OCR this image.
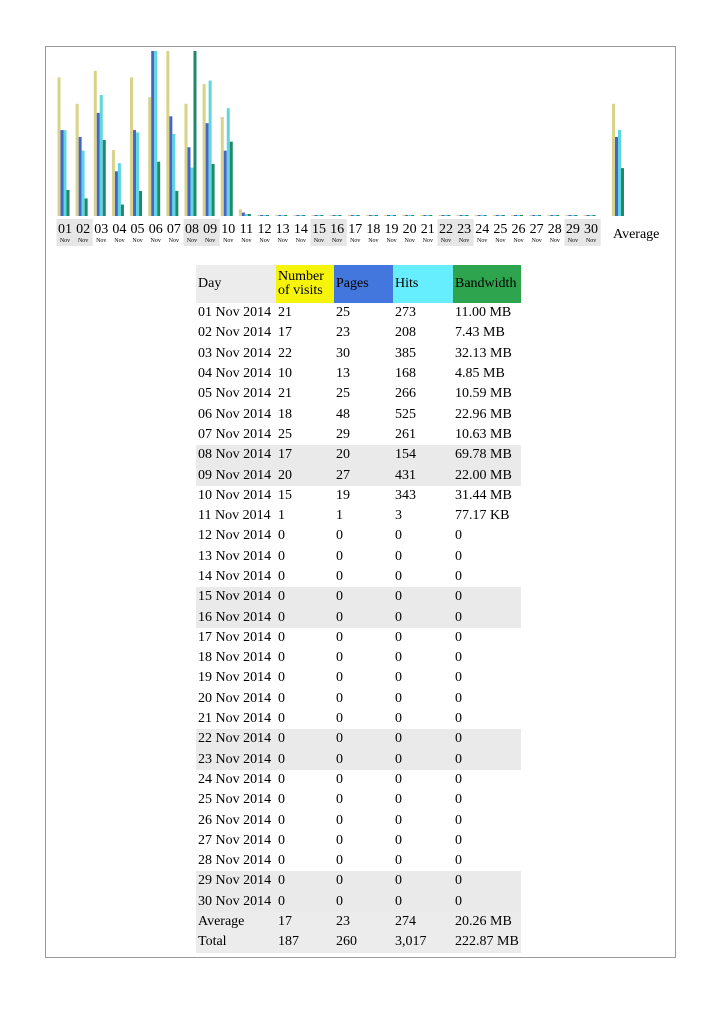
01
Nov
02
Nov
03
Nov
04
Nov
05
Nov
06
Nov
07
Nov
08
Nov
09
Nov
10
Nov
11
Nov
12
Nov
13
Nov
14
Nov
15
Nov
16
Nov
17
Nov
18
Nov
19
Nov
20
Nov
21
Nov
22
Nov
23
Nov
24
Nov
25
Nov
26
Nov
27
Nov
28
Nov
29
Nov
30
Nov Average
Day	Number of visits	Pages	Hits	Bandwidth
01 Nov 2014	21	25	273	11.00 MB
02 Nov 2014	17	23	208	7.43 MB
03 Nov 2014	22	30	385	32.13 MB
04 Nov 2014	10	13	168	4.85 MB
05 Nov 2014	21	25	266	10.59 MB
06 Nov 2014	18	48	525	22.96 MB
07 Nov 2014	25	29	261	10.63 MB
08 Nov 2014	17	20	154	69.78 MB
09 Nov 2014	20	27	431	22.00 MB
10 Nov 2014	15	19	343	31.44 MB
11 Nov 2014	1	1	3	77.17 KB
12 Nov 2014	0	0	0	0
13 Nov 2014	0	0	0	0
14 Nov 2014	0	0	0	0
15 Nov 2014	0	0	0	0
16 Nov 2014	0	0	0	0
17 Nov 2014	0	0	0	0
18 Nov 2014	0	0	0	0
19 Nov 2014	0	0	0	0
20 Nov 2014	0	0	0	0
21 Nov 2014	0	0	0	0
22 Nov 2014	0	0	0	0
23 Nov 2014	0	0	0	0
24 Nov 2014	0	0	0	0
25 Nov 2014	0	0	0	0
26 Nov 2014	0	0	0	0
27 Nov 2014	0	0	0	0
28 Nov 2014	0	0	0	0
29 Nov 2014	0	0	0	0
30 Nov 2014	0	0	0	0
Average	17	23	274	20.26 MB
Total	187	260	3,017	222.87 MB
